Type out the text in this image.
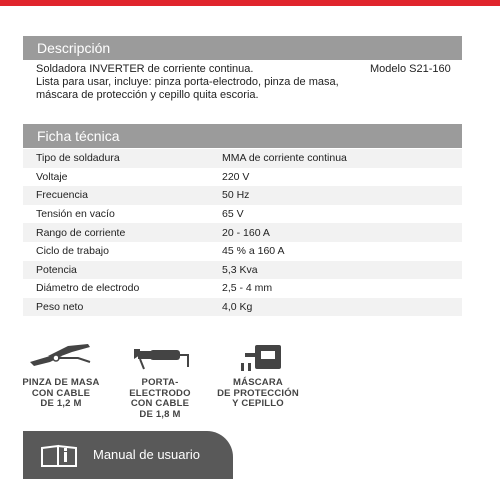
Descripción

Soldadora INVERTER de corriente continua.

Lista para usar, incluye: pinza porta-electrodo, pinza de masa,

máscara de protección y cepillo quita escoria.

Modelo S21-160
Ficha técnica
Tipo de soldadura	MMA de corriente continua
Voltaje	220 V
Frecuencia	50 Hz
Tensión en vacío	65 V
Rango de corriente	20 - 160 A
Ciclo de trabajo	45 % a 160 A
Potencia	5,3 Kva
Diámetro de electrodo	2,5 - 4 mm
Peso neto	4,0 Kg
PINZA DE MASA
CON CABLE
DE 1,2 M
PORTA-ELECTRODO
CON CABLE
DE 1,8 M
MÁSCARA
DE PROTECCIÓN
Y CEPILLO
Manual de usuario
